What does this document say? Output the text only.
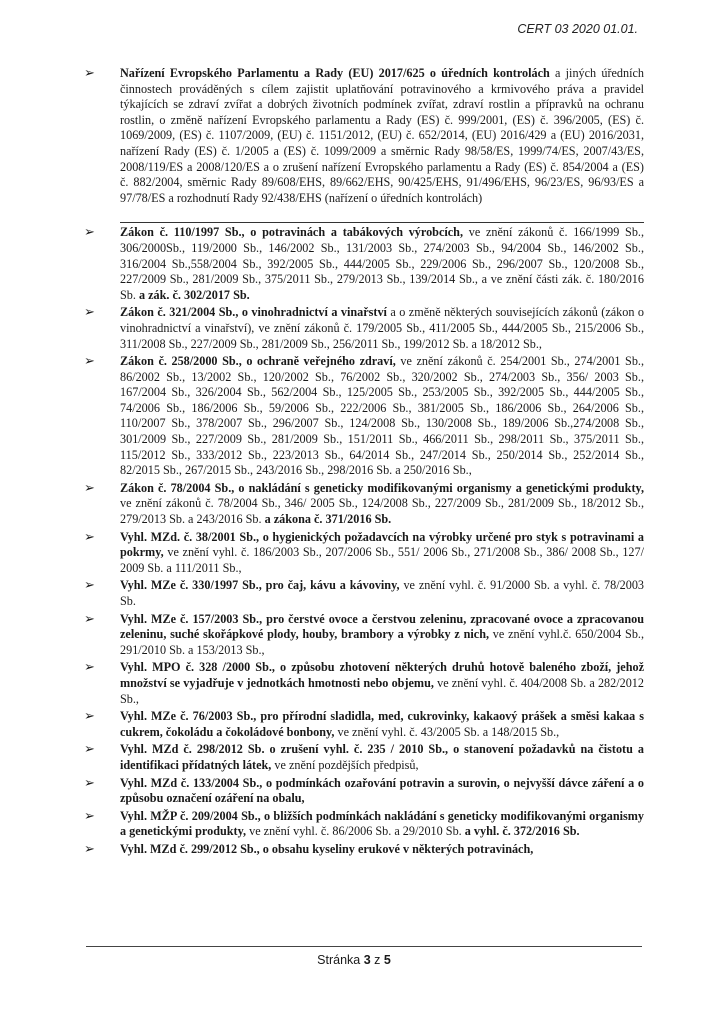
CERT 03 2020 01.01.
➢ Nařízení Evropského Parlamentu a Rady (EU) 2017/625 o úředních kontrolách a jiných úředních činnostech prováděných s cílem zajistit uplatňování potravinového a krmivového práva a pravidel týkajících se zdraví zvířat a dobrých životních podmínek zvířat, zdraví rostlin a přípravků na ochranu rostlin, o změně nařízení Evropského parlamentu a Rady (ES) č. 999/2001, (ES) č. 396/2005, (ES) č. 1069/2009, (ES) č. 1107/2009, (EU) č. 1151/2012, (EU) č. 652/2014, (EU) 2016/429 a (EU) 2016/2031, nařízení Rady (ES) č. 1/2005 a (ES) č. 1099/2009 a směrnic Rady 98/58/ES, 1999/74/ES, 2007/43/ES, 2008/119/ES a 2008/120/ES a o zrušení nařízení Evropského parlamentu a Rady (ES) č. 854/2004 a (ES) č. 882/2004, směrnic Rady 89/608/EHS, 89/662/EHS, 90/425/EHS, 91/496/EHS, 96/23/ES, 96/93/ES a 97/78/ES a rozhodnutí Rady 92/438/EHS (nařízení o úředních kontrolách)
➢ Zákon č. 110/1997 Sb., o potravinách a tabákových výrobcích, ve znění zákonů č. 166/1999 Sb., 306/2000Sb., 119/2000 Sb., 146/2002 Sb., 131/2003 Sb., 274/2003 Sb., 94/2004 Sb., 146/2002 Sb., 316/2004 Sb.,558/2004 Sb., 392/2005 Sb., 444/2005 Sb., 229/2006 Sb., 296/2007 Sb., 120/2008 Sb., 227/2009 Sb., 281/2009 Sb., 375/2011 Sb., 279/2013 Sb., 139/2014 Sb., a ve znění části zák. č. 180/2016 Sb. a zák. č. 302/2017 Sb.
➢ Zákon č. 321/2004 Sb., o vinohradnictví a vinařství a o změně některých souvisejících zákonů (zákon o vinohradnictví a vinařství), ve znění zákonů č. 179/2005 Sb., 411/2005 Sb., 444/2005 Sb., 215/2006 Sb., 311/2008 Sb., 227/2009 Sb., 281/2009 Sb., 256/2011 Sb., 199/2012 Sb. a 18/2012 Sb.,
➢ Zákon č. 258/2000 Sb., o ochraně veřejného zdraví, ve znění zákonů č. 254/2001 Sb., 274/2001 Sb., 86/2002 Sb., 13/2002 Sb., 120/2002 Sb., 76/2002 Sb., 320/2002 Sb., 274/2003 Sb., 356/ 2003 Sb., 167/2004 Sb., 326/2004 Sb., 562/2004 Sb., 125/2005 Sb., 253/2005 Sb., 392/2005 Sb., 444/2005 Sb., 74/2006 Sb., 186/2006 Sb., 59/2006 Sb., 222/2006 Sb., 381/2005 Sb., 186/2006 Sb., 264/2006 Sb., 110/2007 Sb., 378/2007 Sb., 296/2007 Sb., 124/2008 Sb., 130/2008 Sb., 189/2006 Sb.,274/2008 Sb., 301/2009 Sb., 227/2009 Sb., 281/2009 Sb., 151/2011 Sb., 466/2011 Sb., 298/2011 Sb., 375/2011 Sb., 115/2012 Sb., 333/2012 Sb., 223/2013 Sb., 64/2014 Sb., 247/2014 Sb., 250/2014 Sb., 252/2014 Sb., 82/2015 Sb., 267/2015 Sb., 243/2016 Sb., 298/2016 Sb. a 250/2016 Sb.,
➢ Zákon č. 78/2004 Sb., o nakládání s geneticky modifikovanými organismy a genetickými produkty, ve znění zákonů č. 78/2004 Sb., 346/ 2005 Sb., 124/2008 Sb., 227/2009 Sb., 281/2009 Sb., 18/2012 Sb., 279/2013 Sb. a 243/2016 Sb. a zákona č. 371/2016 Sb.
➢ Vyhl. MZd. č. 38/2001 Sb., o hygienických požadavcích na výrobky určené pro styk s potravinami a pokrmy, ve znění vyhl. č. 186/2003 Sb., 207/2006 Sb., 551/ 2006 Sb., 271/2008 Sb., 386/ 2008 Sb., 127/ 2009 Sb. a 111/2011 Sb.,
➢ Vyhl. MZe č. 330/1997 Sb., pro čaj, kávu a kávoviny, ve znění vyhl. č. 91/2000 Sb. a vyhl. č. 78/2003 Sb.
➢ Vyhl. MZe č. 157/2003 Sb., pro čerstvé ovoce a čerstvou zeleninu, zpracované ovoce a zpracovanou zeleninu, suché skořápkové plody, houby, brambory a výrobky z nich, ve znění vyhl.č. 650/2004 Sb., 291/2010 Sb. a 153/2013 Sb.,
➢ Vyhl. MPO č. 328 /2000 Sb., o způsobu zhotovení některých druhů hotově baleného zboží, jehož množství se vyjadřuje v jednotkách hmotnosti nebo objemu, ve znění vyhl. č. 404/2008 Sb. a 282/2012 Sb.,
➢ Vyhl. MZe č. 76/2003 Sb., pro přírodní sladidla, med, cukrovinky, kakaový prášek a směsi kakaa s cukrem, čokoládu a čokoládové bonbony, ve znění vyhl. č. 43/2005 Sb. a 148/2015 Sb.,
➢ Vyhl. MZd č. 298/2012 Sb. o zrušení vyhl. č. 235 / 2010 Sb., o stanovení požadavků na čistotu a identifikaci přídatných látek, ve znění pozdějších předpisů,
➢ Vyhl. MZd č. 133/2004 Sb., o podmínkách ozařování potravin a surovin, o nejvyšší dávce záření a o způsobu označení ozáření na obalu,
➢ Vyhl. MŽP č. 209/2004 Sb., o bližších podmínkách nakládání s geneticky modifikovanými organismy a genetickými produkty, ve znění vyhl. č. 86/2006 Sb. a 29/2010 Sb. a vyhl. č. 372/2016 Sb.
➢ Vyhl. MZd č. 299/2012 Sb., o obsahu kyseliny erukové v některých potravinách,
Stránka 3 z 5
